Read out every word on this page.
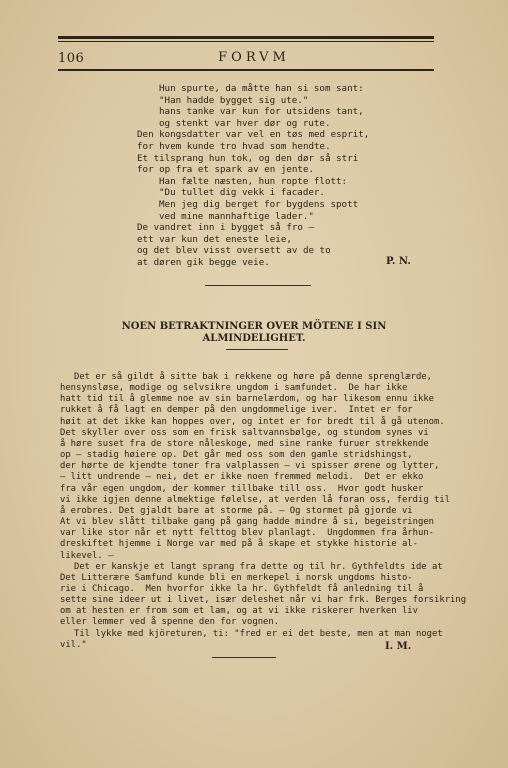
106	FORVM
Hun spurte, da måtte han si som sant:
"Han hadde bygget sig ute."
hans tanke var kun for utsidens tant,
og stenkt var hver dør og rute.
Den kongsdatter var vel en tøs med esprit,
for hvem kunde tro hvad som hendte.
Et tilsprang hun tok, og den dør så stri
for op fra et spark av en jente.
Han fælte næsten, hun ropte flott:
"Du tullet dig vekk i facader.
Men jeg dig berget for bygdens spott
ved mine mannhaftige lader."
De vandret inn i bygget så fro —
ett var kun det eneste leie,
og det blev visst oversett av de to
at døren gik begge veie.	P. N.
NOEN BETRAKTNINGER OVER MÖTENE I SIN ALMINDELIGHET.
Det er så gildt å sitte bak i rekkene og høre på denne sprenglærde,
hensynsløse, modige og selvsikre ungdom i samfundet.  De har ikke
hatt tid til å glemme noe av sin barnelærdom, og har likesom ennu ikke
rukket å få lagt en demper på den ungdommelige iver.  Intet er for
høit at det ikke kan hoppes over, og intet er for bredt til å gå utenom.
Det skyller over oss som en frisk saltvannsbølge, og stundom synes vi
å høre suset fra de store nåleskoge, med sine ranke furuer strekkende
op — stadig høiere op. Det går med oss som den gamle stridshingst,
der hørte de kjendte toner fra valplassen — vi spisser ørene og lytter,
— litt undrende — nei, det er ikke noen fremmed melodi.  Det er ekko
fra vår egen ungdom, der kommer tillbake till oss.  Hvor godt husker
vi ikke igjen denne almektige følelse, at verden lå foran oss, ferdig til
å erobres. Det gjaldt bare at storme på. — Og stormet på gjorde vi
At vi blev slått tilbake gang på gang hadde mindre å si, begeistringen
var like stor når et nytt felttog blev planlagt.  Ungdommen fra århun-
dreskiftet hjemme i Norge var med på å skape et stykke historie al-
likevel. —
Det er kanskje et langt sprang fra dette og til hr. Gythfeldts ide at
Det Litterære Samfund kunde bli en merkepel i norsk ungdoms histo-
rie i Chicago.  Men hvorfor ikke la hr. Gythfeldt få anledning til å
sette sine ideer ut i livet, især deleshet når vi har frk. Berges forsikring
om at hesten er from som et lam, og at vi ikke riskerer hverken liv
eller lemmer ved å spenne den for vognen.
Til lykke med kjöreturen, ti: "fred er ei det beste, men at man noget
vil."	I. M.
